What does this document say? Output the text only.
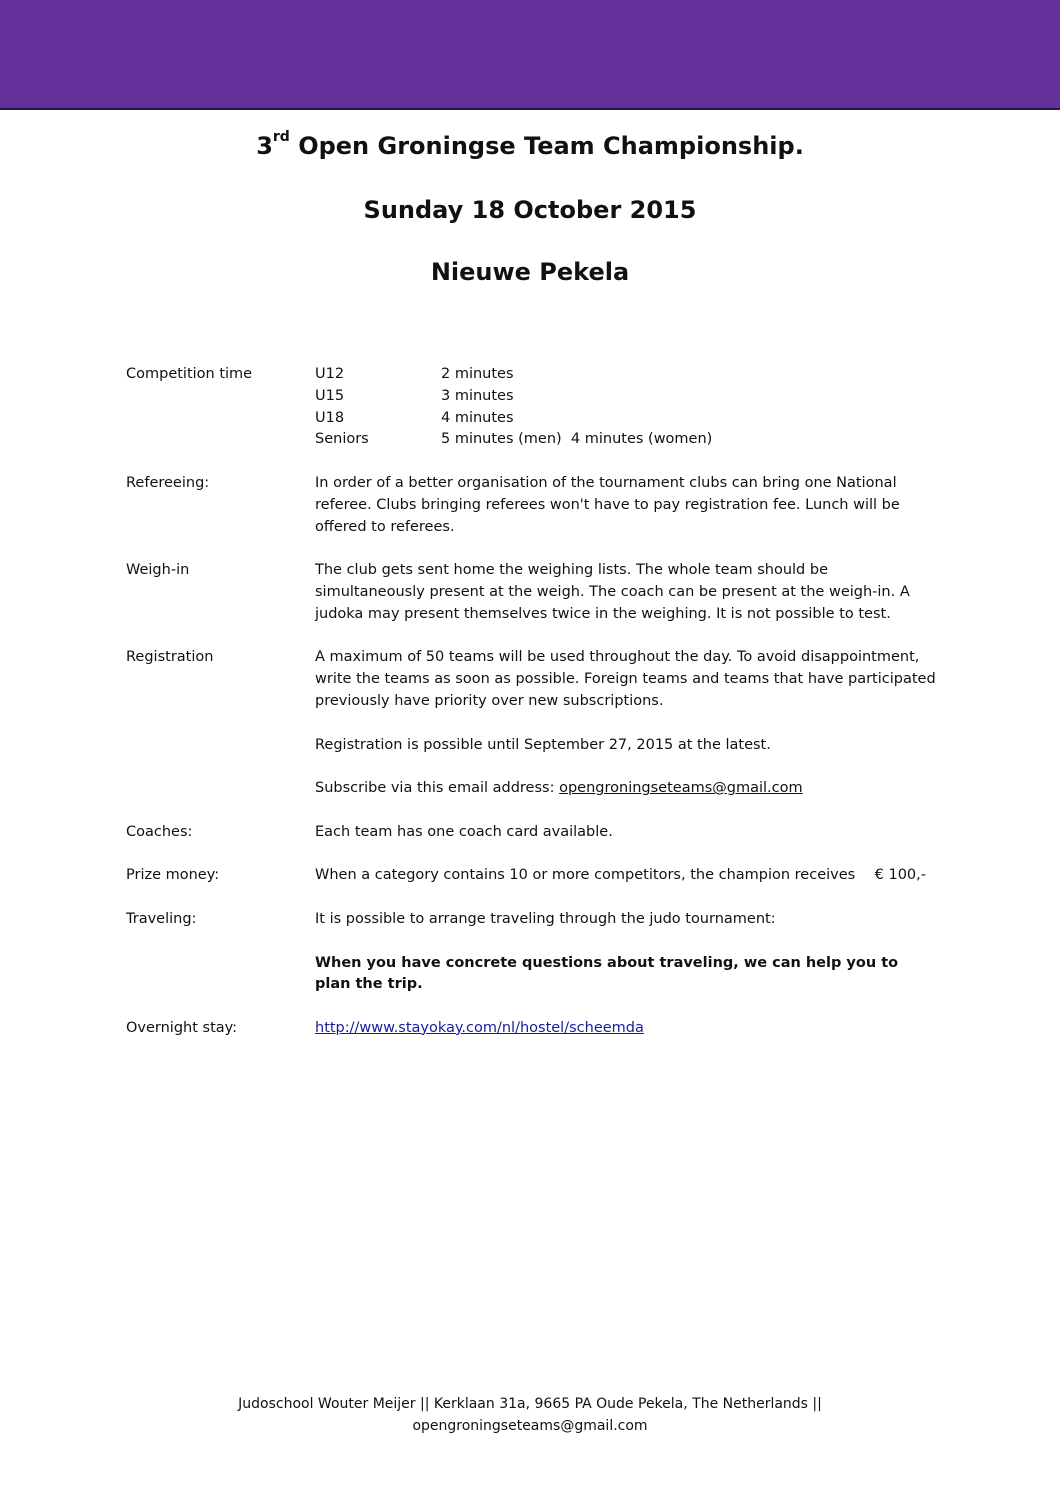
3rd Open Groningse Team Championship.
Sunday 18 October 2015
Nieuwe Pekela
Competition time	U12	2 minutes
U15	3 minutes
U18	4 minutes
Seniors	5 minutes (men)  4 minutes (women)
Refereeing:	In order of a better organisation of the tournament clubs can bring one National referee. Clubs bringing referees won't have to pay registration fee. Lunch will be offered to referees.
Weigh-in	The club gets sent home the weighing lists. The whole team should be simultaneously present at the weigh. The coach can be present at the weigh-in. A judoka may present themselves twice in the weighing. It is not possible to test.
Registration	A maximum of 50 teams will be used throughout the day. To avoid disappointment, write the teams as soon as possible. Foreign teams and teams that have participated previously have priority over new subscriptions.

Registration is possible until September 27, 2015 at the latest.

Subscribe via this email address: opengroningseteams@gmail.com

Coaches:	Each team has one coach card available.
Prize money:	When a category contains 10 or more competitors, the champion receives € 100,-
Traveling:	It is possible to arrange traveling through the judo tournament:

When you have concrete questions about traveling, we can help you to plan the trip.

Overnight stay:	http://www.stayokay.com/nl/hostel/scheemda
Judoschool Wouter Meijer || Kerklaan 31a, 9665 PA Oude Pekela, The Netherlands ||
opengroningseteams@gmail.com
